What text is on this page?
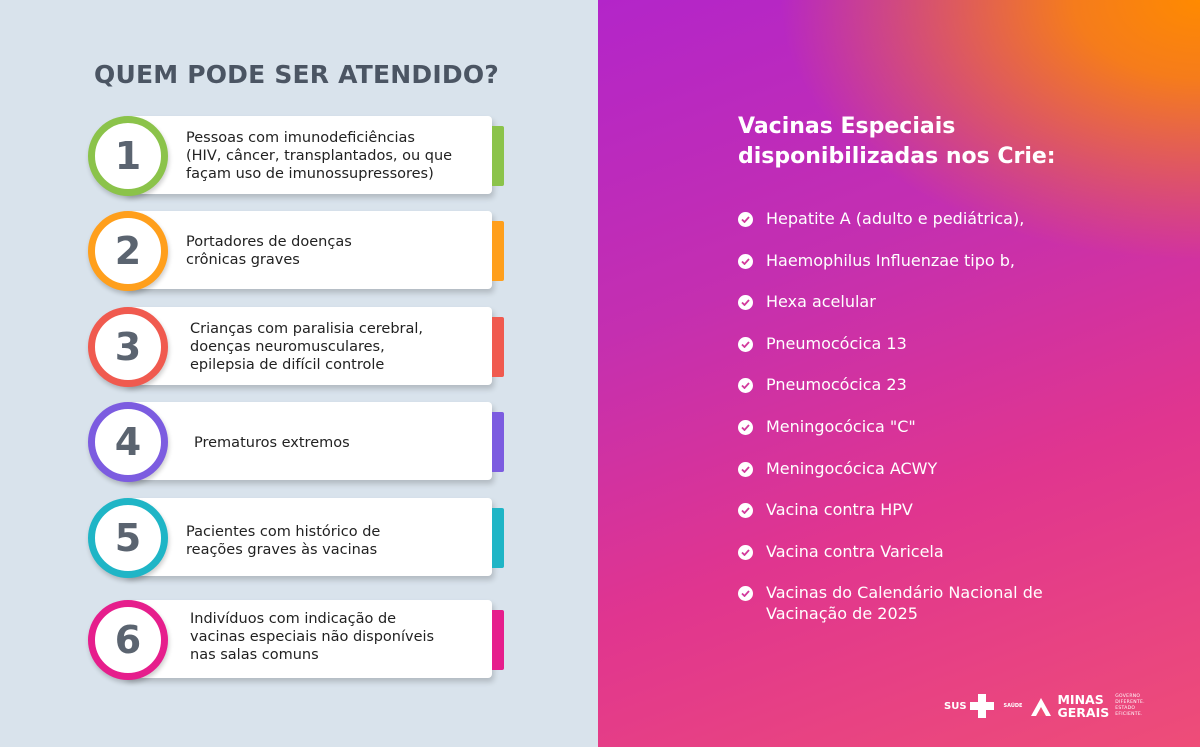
QUEM PODE SER ATENDIDO?
1	Pessoas com imunodeficiências
(HIV, câncer, transplantados, ou que
façam uso de imunossupressores)
2	Portadores de doenças
crônicas graves
3	Crianças com paralisia cerebral,
doenças neuromusculares,
epilepsia de difícil controle
4	Prematuros extremos
5	Pacientes com histórico de
reações graves às vacinas
6	Indivíduos com indicação de
vacinas especiais não disponíveis
nas salas comuns
Vacinas Especiais
disponibilizadas nos Crie:
Hepatite A (adulto e pediátrica),
Haemophilus Influenzae tipo b,
Hexa acelular
Pneumocócica 13
Pneumocócica 23
Meningocócica "C"
Meningocócica ACWY
Vacina contra HPV
Vacina contra Varicela
Vacinas do Calendário Nacional de
Vacinação de 2025
SUS	SAÚDE	MINAS
GERAIS
GOVERNO
DIFERENTE.
ESTADO
EFICIENTE.
